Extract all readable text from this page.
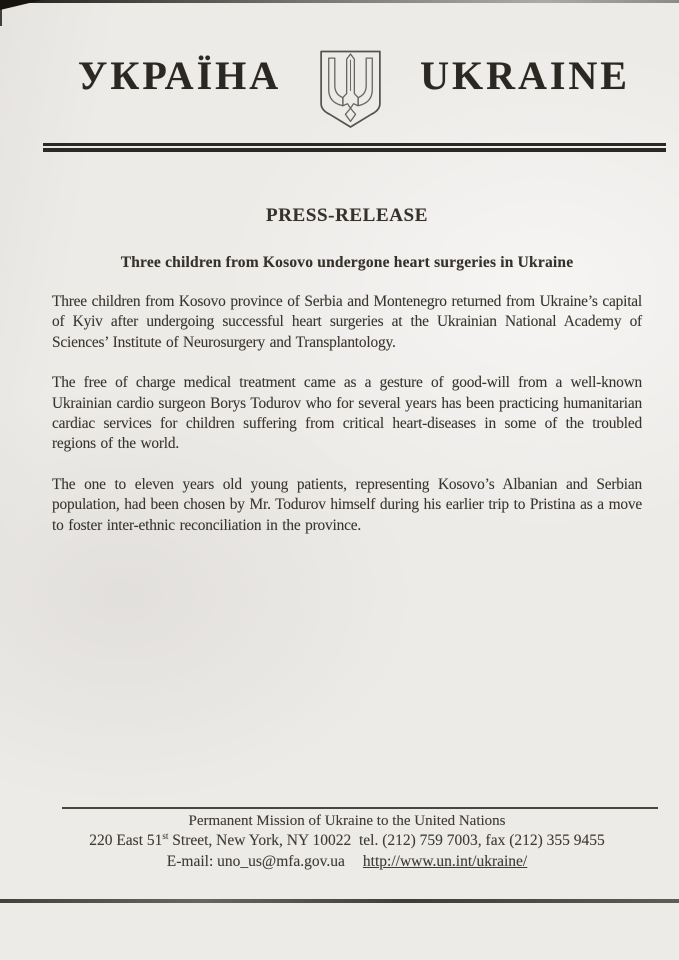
УКРАЇНА	UKRAINE
PRESS-RELEASE
Three children from Kosovo undergone heart surgeries in Ukraine

Three children from Kosovo province of Serbia and Montenegro returned from Ukraine’s capital of Kyiv after undergoing successful heart surgeries at the Ukrainian National Academy of Sciences’ Institute of Neurosurgery and Transplantology.

The free of charge medical treatment came as a gesture of good-will from a well-known Ukrainian cardio surgeon Borys Todurov who for several years has been practicing humanitarian cardiac services for children suffering from critical heart-diseases in some of the troubled regions of the world.

The one to eleven years old young patients, representing Kosovo’s Albanian and Serbian population, had been chosen by Mr. Todurov himself during his earlier trip to Pristina as a move to foster inter-ethnic reconciliation in the province.

Permanent Mission of Ukraine to the United Nations
220 East 51st Street, New York, NY 10022  tel. (212) 759 7003, fax (212) 355 9455
E-mail: uno_us@mfa.gov.ua http://www.un.int/ukraine/
